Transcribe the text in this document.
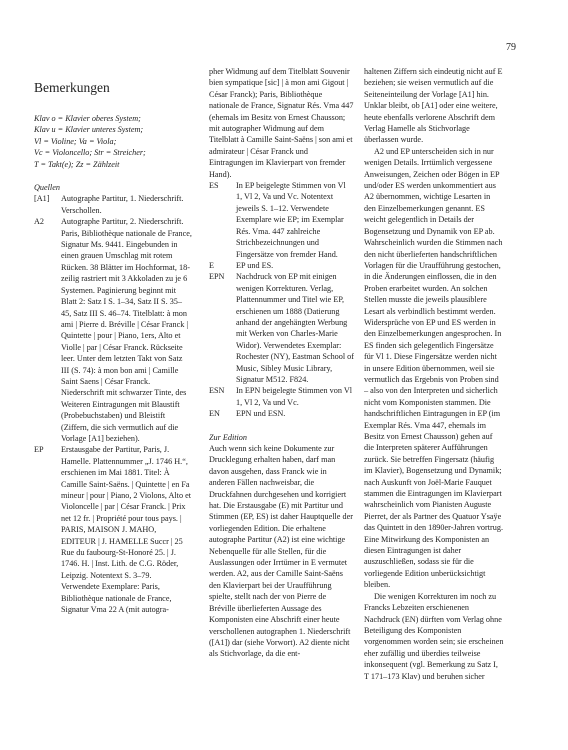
79
Bemerkungen
Klav o = Klavier oberes System;
Klav u = Klavier unteres System;
Vl = Violine; Va = Viola;
Vc = Violoncello; Str = Streicher;
T = Takt(e); Zz = Zählzeit
Quellen
[A1]	Autographe Partitur, 1. Niederschrift. Verschollen.
A2	Autographe Partitur, 2. Niederschrift. Paris, Bibliothèque nationale de France, Signatur Ms. 9441. Eingebunden in einen grauen Umschlag mit rotem Rücken. 38 Blätter im Hochformat, 18-zeilig rastriert mit 3 Akkoladen zu je 6 Systemen. Paginierung beginnt mit Blatt 2: Satz I S. 1–34, Satz II S. 35–45, Satz III S. 46–74. Titelblatt: à mon ami | Pierre d. Bréville | César Franck | Quintette | pour | Piano, 1ers, Alto et Violle | par | César Franck. Rückseite leer. Unter dem letzten Takt von Satz III (S. 74): à mon bon ami | Camille Saint Saens | César Franck. Niederschrift mit schwarzer Tinte, des Weiteren Eintragungen mit Blaustift (Probebuchstaben) und Bleistift (Ziffern, die sich vermutlich auf die Vorlage [A1] beziehen).
EP	Erstausgabe der Partitur, Paris, J. Hamelle. Plattennummer „J. 1746 H.“, erschienen im Mai 1881. Titel: À Camille Saint-Saëns. | Quintette | en Fa mineur | pour | Piano, 2 Violons, Alto et Violoncelle | par | César Franck. | Prix net 12 fr. | Propriété pour tous pays. | PARIS, MAISON J. MAHO, EDITEUR | J. HAMELLE Succr | 25 Rue du faubourg-St-Honoré 25. | J. 1746. H. | Inst. Lith. de C.G. Röder, Leipzig. Notentext S. 3–79. Verwendete Exemplare: Paris, Bibliothèque nationale de France, Signatur Vma 22 A (mit autogra-

pher Widmung auf dem Titelblatt Souvenir bien sympatique [sic] | à mon ami Gigout | César Franck); Paris, Bibliothèque nationale de France, Signatur Rés. Vma 447 (ehemals im Besitz von Ernest Chausson; mit autographer Widmung auf dem Titelblatt à Camille Saint-Saëns | son ami et admirateur | César Franck und Eintragungen im Klavierpart von fremder Hand).

ES	In EP beigelegte Stimmen von Vl 1, Vl 2, Va und Vc. Notentext jeweils S. 1–12. Verwendete Exemplare wie EP; im Exemplar Rés. Vma. 447 zahlreiche Strichbezeichnungen und Fingersätze von fremder Hand.
E	EP und ES.
EPN	Nachdruck von EP mit einigen wenigen Korrekturen. Verlag, Plattennummer und Titel wie EP, erschienen um 1888 (Datierung anhand der angehängten Werbung mit Werken von Charles-Marie Widor). Verwendetes Exemplar: Rochester (NY), Eastman School of Music, Sibley Music Library, Signatur M512. F824.
ESN	In EPN beigelegte Stimmen von Vl 1, Vl 2, Va und Vc.
EN	EPN und ESN.
Zur Edition

Auch wenn sich keine Dokumente zur Drucklegung erhalten haben, darf man davon ausgehen, dass Franck wie in anderen Fällen nachweisbar, die Druckfahnen durchgesehen und korrigiert hat. Die Erstausgabe (E) mit Partitur und Stimmen (EP, ES) ist daher Hauptquelle der vorliegenden Edition. Die erhaltene autographe Partitur (A2) ist eine wichtige Nebenquelle für alle Stellen, für die Auslassungen oder Irrtümer in E vermutet werden. A2, aus der Camille Saint-Saëns den Klavierpart bei der Uraufführung spielte, stellt nach der von Pierre de Bréville überlieferten Aussage des Komponisten eine Abschrift einer heute verschollenen autographen 1. Niederschrift ([A1]) dar (siehe Vorwort). A2 diente nicht als Stichvorlage, da die ent-

haltenen Ziffern sich eindeutig nicht auf E beziehen; sie weisen vermutlich auf die Seiteneinteilung der Vorlage [A1] hin. Unklar bleibt, ob [A1] oder eine weitere, heute ebenfalls verlorene Abschrift dem Verlag Hamelle als Stichvorlage überlassen wurde.

A2 und EP unterscheiden sich in nur wenigen Details. Irrtümlich vergessene Anweisungen, Zeichen oder Bögen in EP und/oder ES werden unkommentiert aus A2 übernommen, wichtige Lesarten in den Einzelbemerkungen genannt. ES weicht gelegentlich in Details der Bogensetzung und Dynamik von EP ab. Wahrscheinlich wurden die Stimmen nach den nicht überlieferten handschriftlichen Vorlagen für die Uraufführung gestochen, in die Änderungen einflossen, die in den Proben erarbeitet wurden. An solchen Stellen musste die jeweils plausiblere Lesart als verbindlich bestimmt werden. Widersprüche von EP und ES werden in den Einzelbemerkungen angesprochen. In ES finden sich gelegentlich Fingersätze für Vl 1. Diese Fingersätze werden nicht in unsere Edition übernommen, weil sie vermutlich das Ergebnis von Proben sind – also von den Interpreten und sicherlich nicht vom Komponisten stammen. Die handschriftlichen Eintragungen in EP (im Exemplar Rés. Vma 447, ehemals im Besitz von Ernest Chausson) gehen auf die Interpreten späterer Aufführungen zurück. Sie betreffen Fingersatz (häufig im Klavier), Bogensetzung und Dynamik; nach Auskunft von Joël-Marie Fauquet stammen die Eintragungen im Klavierpart wahrscheinlich vom Pianisten Auguste Pierret, der als Partner des Quatuor Ysaÿe das Quintett in den 1890er-Jahren vortrug. Eine Mitwirkung des Komponisten an diesen Eintragungen ist daher auszuschließen, sodass sie für die vorliegende Edition unberücksichtigt bleiben.

Die wenigen Korrekturen im noch zu Francks Lebzeiten erschienenen Nachdruck (EN) dürften vom Verlag ohne Beteiligung des Komponisten vorgenommen worden sein; sie erscheinen eher zufällig und überdies teilweise inkonsequent (vgl. Bemerkung zu Satz I, T 171–173 Klav) und beruhen sicher
